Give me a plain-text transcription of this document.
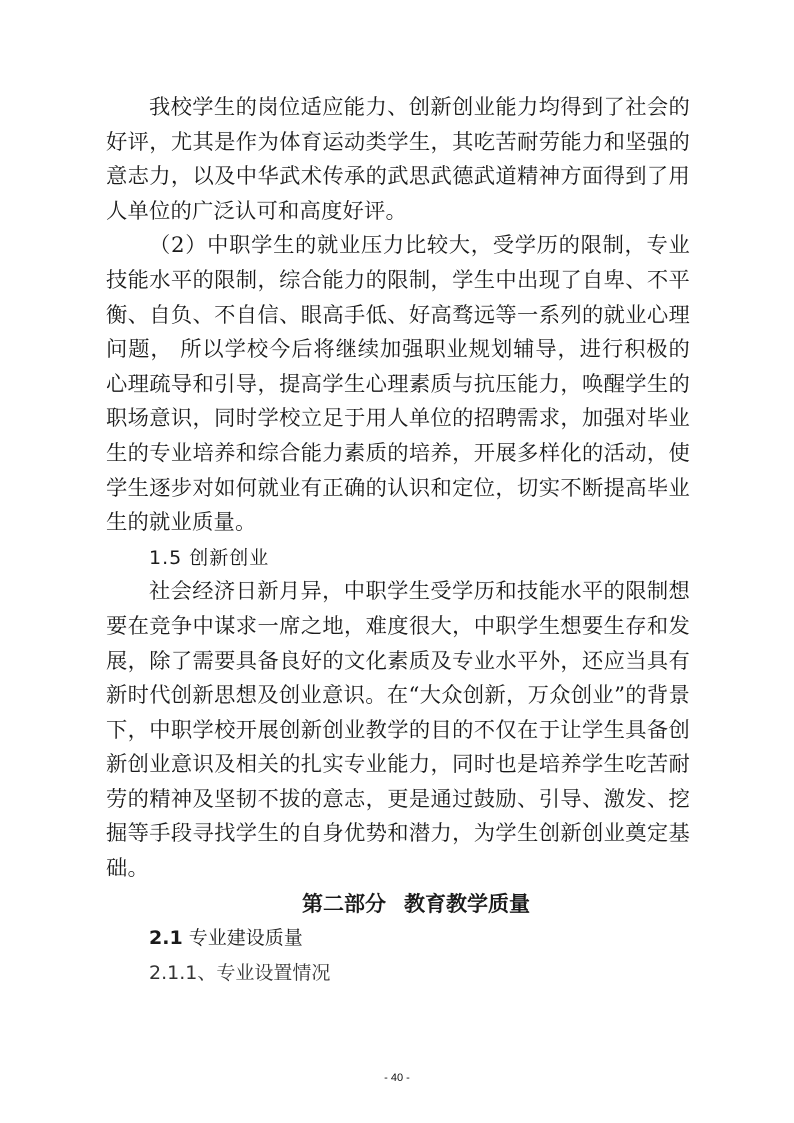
我校学生的岗位适应能力、创新创业能力均得到了社会的好评，尤其是作为体育运动类学生，其吃苦耐劳能力和坚强的意志力，以及中华武术传承的武思武德武道精神方面得到了用人单位的广泛认可和高度好评。

（2）中职学生的就业压力比较大，受学历的限制，专业技能水平的限制，综合能力的限制，学生中出现了自卑、不平衡、自负、不自信、眼高手低、好高骛远等一系列的就业心理问题， 所以学校今后将继续加强职业规划辅导，进行积极的心理疏导和引导，提高学生心理素质与抗压能力，唤醒学生的职场意识，同时学校立足于用人单位的招聘需求，加强对毕业生的专业培养和综合能力素质的培养，开展多样化的活动，使学生逐步对如何就业有正确的认识和定位，切实不断提高毕业生的就业质量。

1.5 创新创业

社会经济日新月异，中职学生受学历和技能水平的限制想要在竞争中谋求一席之地，难度很大，中职学生想要生存和发展，除了需要具备良好的文化素质及专业水平外，还应当具有新时代创新思想及创业意识。在“大众创新，万众创业”的背景下，中职学校开展创新创业教学的目的不仅在于让学生具备创新创业意识及相关的扎实专业能力，同时也是培养学生吃苦耐劳的精神及坚韧不拔的意志，更是通过鼓励、引导、激发、挖掘等手段寻找学生的自身优势和潜力，为学生创新创业奠定基础。

第二部分 教育教学质量

2.1 专业建设质量

2.1.1、专业设置情况

- 40 -
